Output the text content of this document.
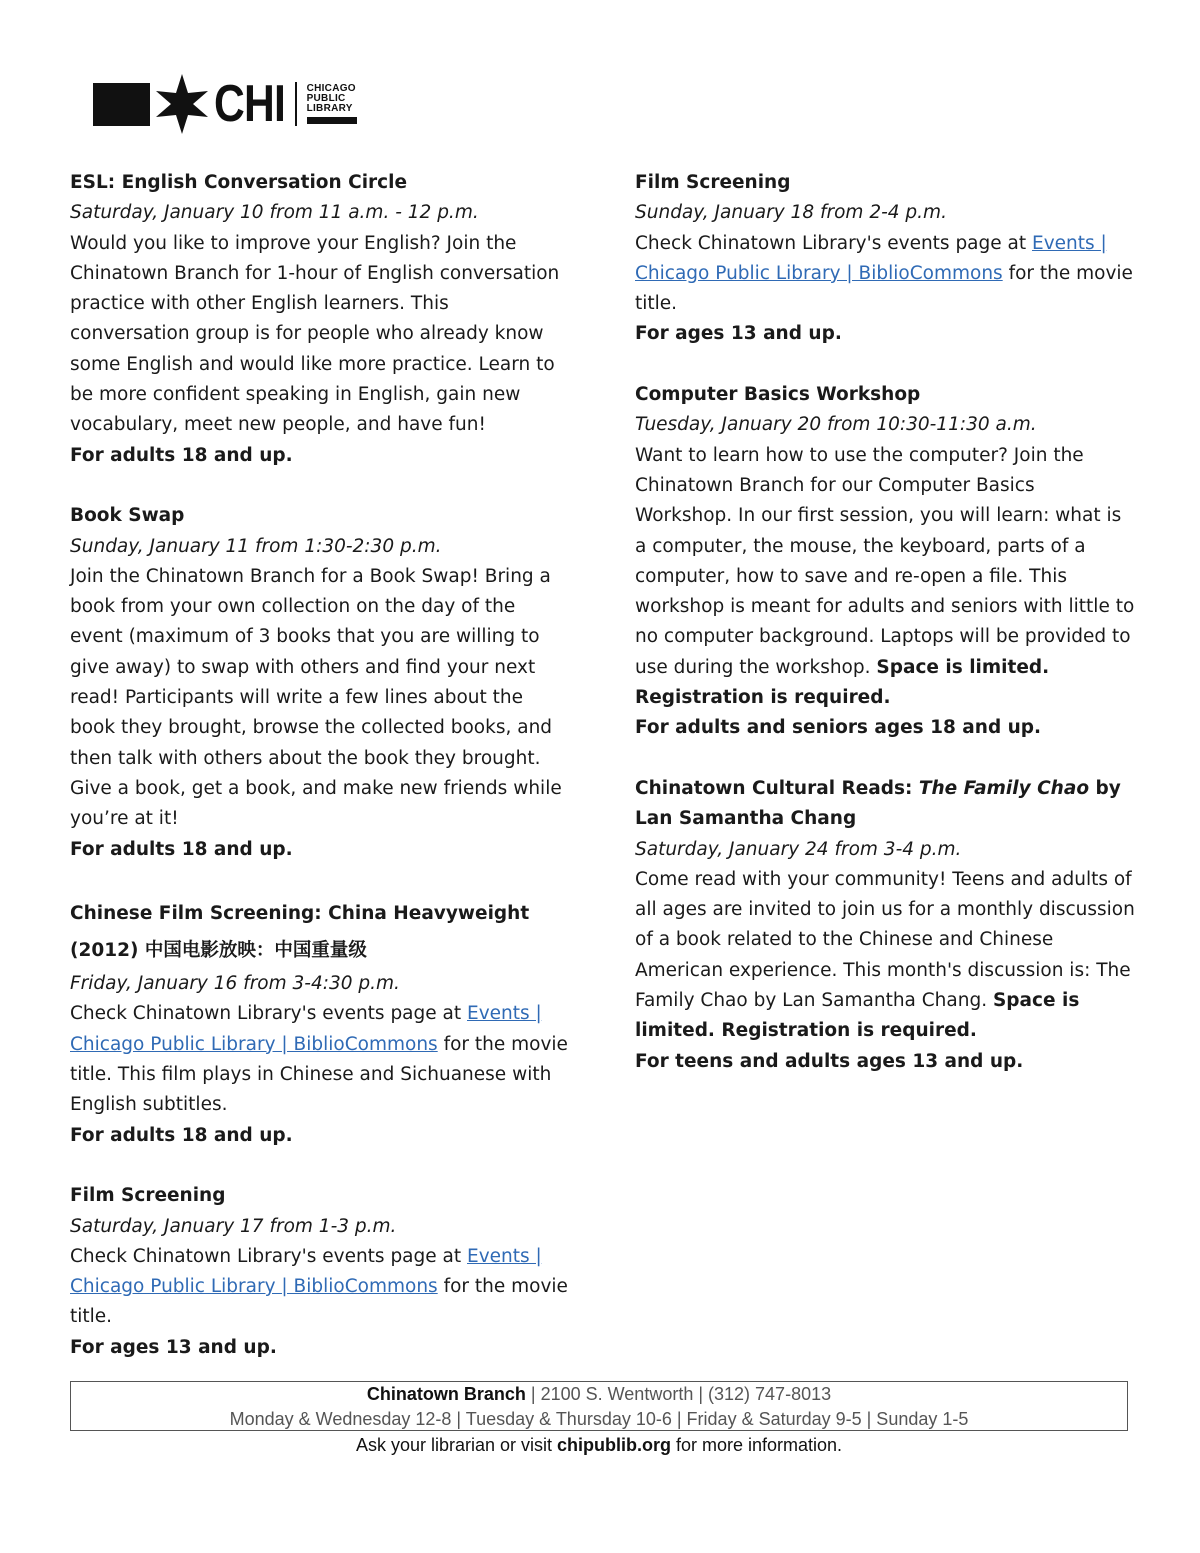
CHI CHICAGO
PUBLIC
LIBRARY

ESL: English Conversation Circle

Saturday, January 10 from 11 a.m. - 12 p.m.

Would you like to improve your English? Join the Chinatown Branch for 1-hour of English conversation practice with other English learners. This conversation group is for people who already know some English and would like more practice. Learn to be more confident speaking in English, gain new vocabulary, meet new people, and have fun!

For adults 18 and up.

Book Swap

Sunday, January 11 from 1:30-2:30 p.m.

Join the Chinatown Branch for a Book Swap! Bring a book from your own collection on the day of the event (maximum of 3 books that you are willing to give away) to swap with others and find your next read! Participants will write a few lines about the book they brought, browse the collected books, and then talk with others about the book they brought. Give a book, get a book, and make new friends while you’re at it!

For adults 18 and up.

Chinese Film Screening: China Heavyweight (2012) 中国电影放映：中国重量级

Friday, January 16 from 3-4:30 p.m.

Check Chinatown Library's events page at Events | Chicago Public Library | BiblioCommons for the movie title. This film plays in Chinese and Sichuanese with English subtitles.

For adults 18 and up.

Film Screening

Saturday, January 17 from 1-3 p.m.

Check Chinatown Library's events page at Events | Chicago Public Library | BiblioCommons for the movie title.

For ages 13 and up.

Film Screening

Sunday, January 18 from 2-4 p.m.

Check Chinatown Library's events page at Events | Chicago Public Library | BiblioCommons for the movie title.

For ages 13 and up.

Computer Basics Workshop

Tuesday, January 20 from 10:30-11:30 a.m.

Want to learn how to use the computer? Join the Chinatown Branch for our Computer Basics Workshop. In our first session, you will learn: what is a computer, the mouse, the keyboard, parts of a computer, how to save and re-open a file. This workshop is meant for adults and seniors with little to no computer background. Laptops will be provided to use during the workshop. Space is limited. Registration is required.

For adults and seniors ages 18 and up.

Chinatown Cultural Reads: The Family Chao by Lan Samantha Chang

Saturday, January 24 from 3-4 p.m.

Come read with your community! Teens and adults of all ages are invited to join us for a monthly discussion of a book related to the Chinese and Chinese American experience. This month's discussion is: The Family Chao by Lan Samantha Chang. Space is limited. Registration is required.

For teens and adults ages 13 and up.

Chinatown Branch | 2100 S. Wentworth | (312) 747-8013
Monday & Wednesday 12-8 | Tuesday & Thursday 10-6 | Friday & Saturday 9-5 | Sunday 1-5
Ask your librarian or visit chipublib.org for more information.
